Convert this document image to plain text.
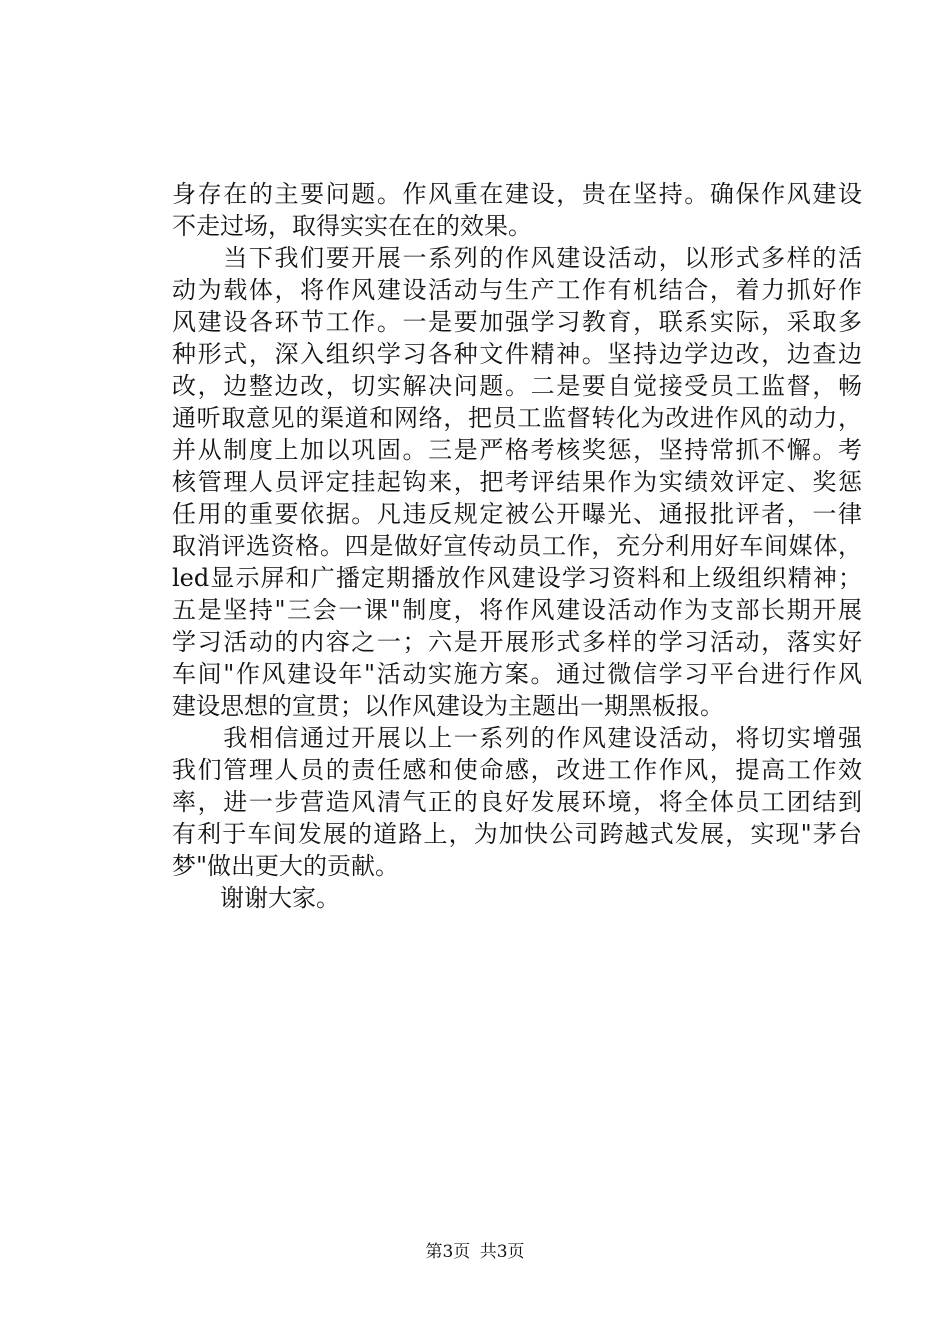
身存在的主要问题。作风重在建设，贵在坚持。确保作风建设
不走过场，取得实实在在的效果。
　　当下我们要开展一系列的作风建设活动，以形式多样的活
动为载体，将作风建设活动与生产工作有机结合，着力抓好作
风建设各环节工作。一是要加强学习教育，联系实际，采取多
种形式，深入组织学习各种文件精神。坚持边学边改，边查边
改，边整边改，切实解决问题。二是要自觉接受员工监督，畅
通听取意见的渠道和网络，把员工监督转化为改进作风的动力，
并从制度上加以巩固。三是严格考核奖惩，坚持常抓不懈。考
核管理人员评定挂起钩来，把考评结果作为实绩效评定、奖惩
任用的重要依据。凡违反规定被公开曝光、通报批评者，一律
取消评选资格。四是做好宣传动员工作，充分利用好车间媒体，
led显示屏和广播定期播放作风建设学习资料和上级组织精神；
五是坚持"三会一课"制度，将作风建设活动作为支部长期开展
学习活动的内容之一；六是开展形式多样的学习活动，落实好
车间"作风建设年"活动实施方案。通过微信学习平台进行作风
建设思想的宣贯；以作风建设为主题出一期黑板报。
　　我相信通过开展以上一系列的作风建设活动，将切实增强
我们管理人员的责任感和使命感，改进工作作风，提高工作效
率，进一步营造风清气正的良好发展环境，将全体员工团结到
有利于车间发展的道路上，为加快公司跨越式发展，实现"茅台
梦"做出更大的贡献。
　　谢谢大家。
第3页 共3页
